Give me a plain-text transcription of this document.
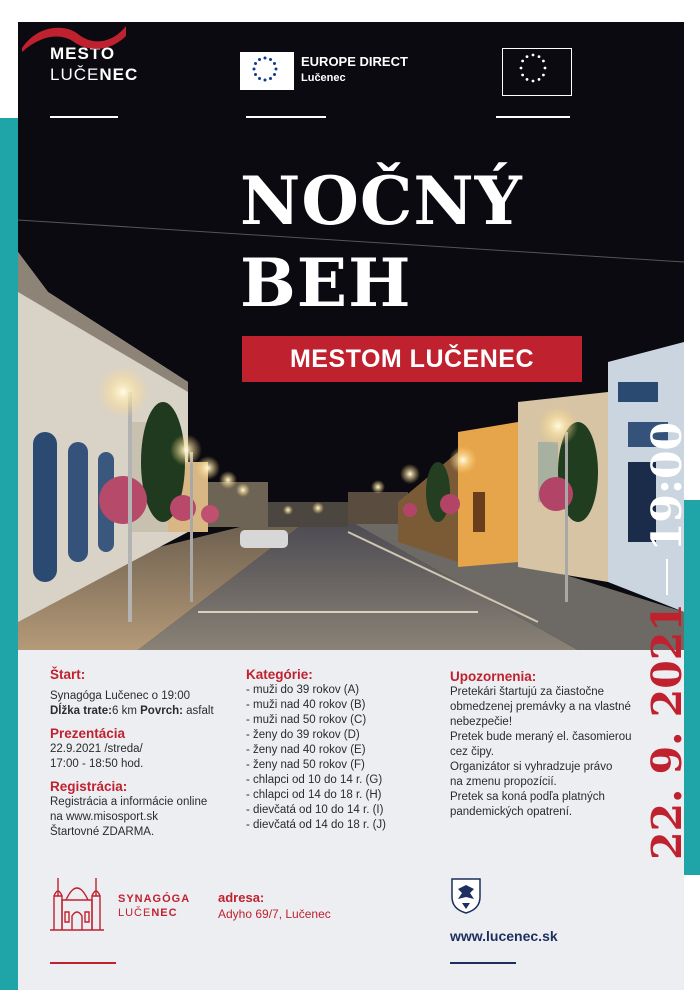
MESTO
LUČENEC
EUROPE DIRECT
Lučenec
NOČNÝ
BEH
MESTOM LUČENEC
Štart:
Synagóga Lučenec o 19:00
Dĺžka trate:6 km Povrch: asfalt
Prezentácia
22.9.2021 /streda/
17:00 - 18:50 hod.
Registrácia:
Registrácia a informácie online
na www.misosport.sk
Štartovné ZDARMA.
Kategórie:
- muži do 39 rokov (A)
- muži nad 40 rokov (B)
- muži nad 50 rokov (C)
- ženy do 39 rokov (D)
- ženy nad 40 rokov (E)
- ženy nad 50 rokov (F)
- chlapci od 10 do 14 r. (G)
- chlapci od 14 do 18 r. (H)
- dievčatá od 10 do 14 r. (I)
- dievčatá od 14 do 18 r. (J)
Upozornenia:
Pretekári štartujú za čiastočne
obmedzenej premávky a na vlastné
nebezpečie!
Pretek bude meraný el. časomierou
cez čipy.
Organizátor si vyhradzuje právo
na zmenu propozícií.
Pretek sa koná podľa platných
pandemických opatrení.
SYNAGÓGA
LUČENEC
adresa:
Adyho 69/7, Lučenec
www.lucenec.sk
22. 9. 202119:00
